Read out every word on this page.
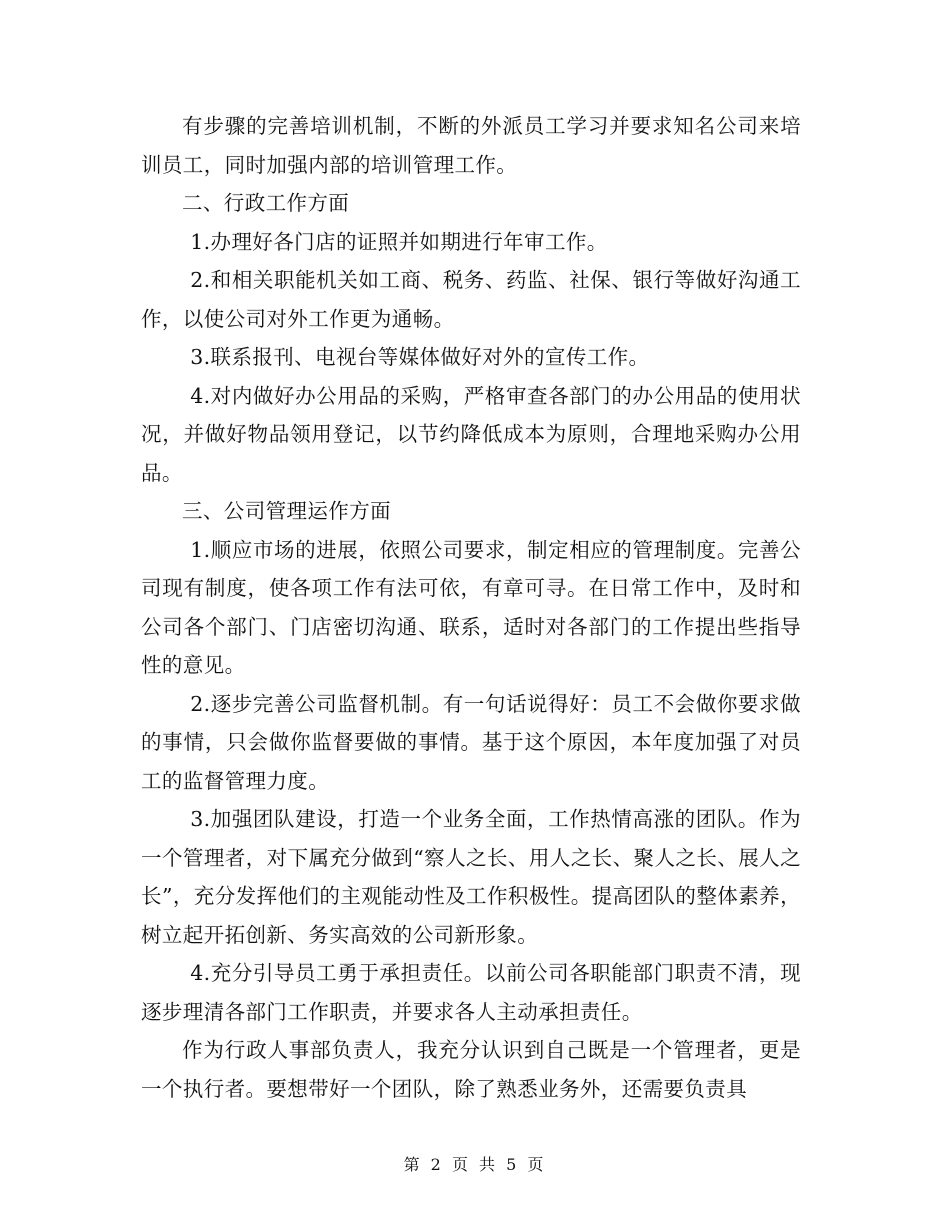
有步骤的完善培训机制，不断的外派员工学习并要求知名公司来培训员工，同时加强内部的培训管理工作。

二、行政工作方面

1.办理好各门店的证照并如期进行年审工作。

2.和相关职能机关如工商、税务、药监、社保、银行等做好沟通工作，以使公司对外工作更为通畅。

3.联系报刊、电视台等媒体做好对外的宣传工作。

4.对内做好办公用品的采购，严格审查各部门的办公用品的使用状况，并做好物品领用登记，以节约降低成本为原则，合理地采购办公用品。

三、公司管理运作方面

1.顺应市场的进展，依照公司要求，制定相应的管理制度。完善公司现有制度，使各项工作有法可依，有章可寻。在日常工作中，及时和公司各个部门、门店密切沟通、联系，适时对各部门的工作提出些指导性的意见。

2.逐步完善公司监督机制。有一句话说得好：员工不会做你要求做的事情，只会做你监督要做的事情。基于这个原因，本年度加强了对员工的监督管理力度。

3.加强团队建设，打造一个业务全面，工作热情高涨的团队。作为一个管理者，对下属充分做到“察人之长、用人之长、聚人之长、展人之长”，充分发挥他们的主观能动性及工作积极性。提高团队的整体素养，树立起开拓创新、务实高效的公司新形象。

4.充分引导员工勇于承担责任。以前公司各职能部门职责不清，现逐步理清各部门工作职责，并要求各人主动承担责任。

作为行政人事部负责人，我充分认识到自己既是一个管理者，更是一个执行者。要想带好一个团队，除了熟悉业务外，还需要负责具

第 2 页 共 5 页
